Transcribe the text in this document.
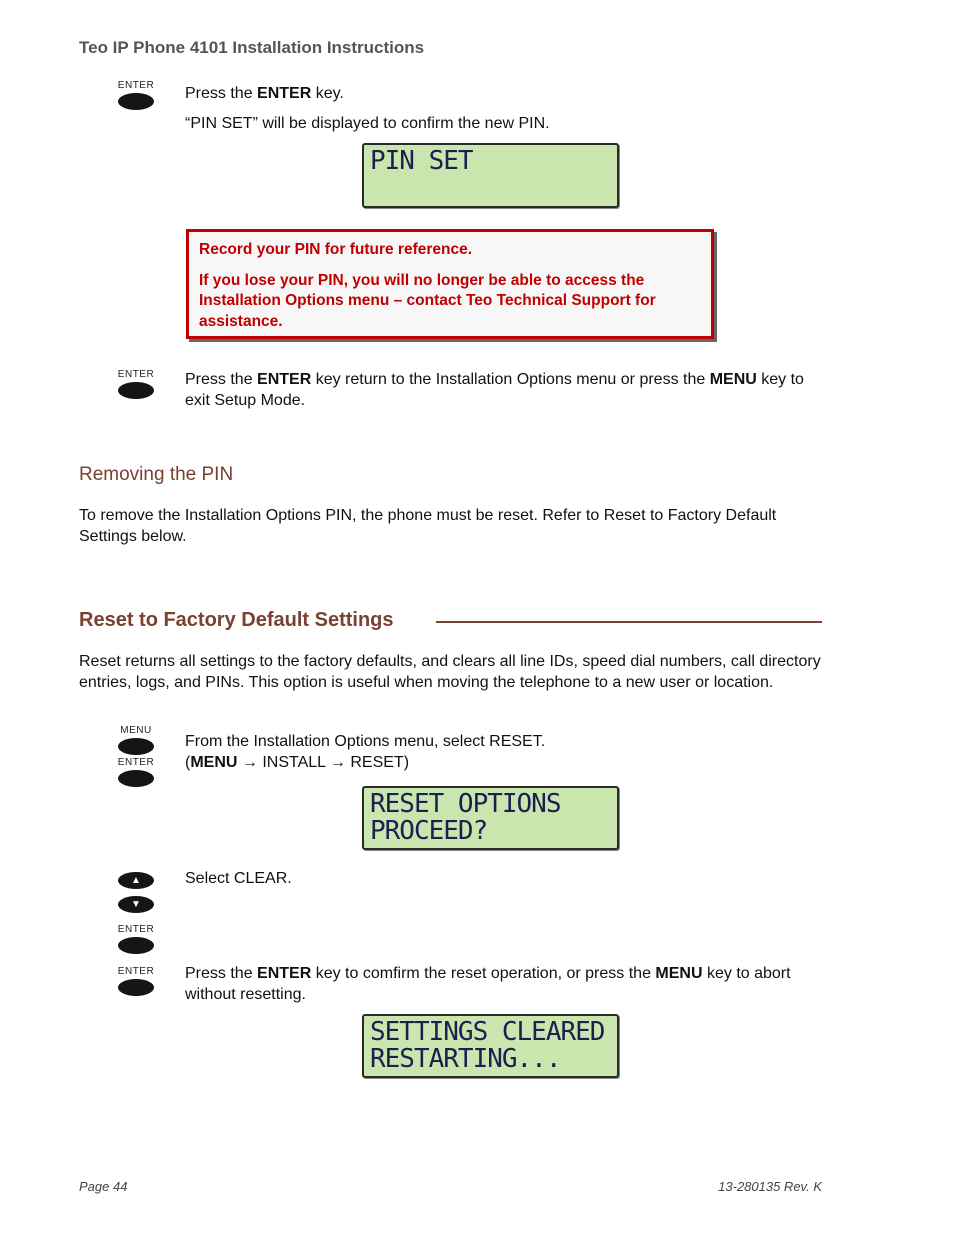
Teo IP Phone 4101 Installation Instructions
ENTER Press the ENTER key.
“PIN SET” will be displayed to confirm the new PIN.
PIN SET

Record your PIN for future reference.

If you lose your PIN, you will no longer be able to access the Installation Options menu – contact Teo Technical Support for assistance.

ENTER Press the ENTER key return to the Installation Options menu or press the MENU key to exit Setup Mode.
Removing the PIN
To remove the Installation Options PIN, the phone must be reset. Refer to Reset to Factory Default Settings below.
Reset to Factory Default Settings
Reset returns all settings to the factory defaults, and clears all line IDs, speed dial numbers, call directory entries, logs, and PINs. This option is useful when moving the telephone to a new user or location.
MENU
ENTER
From the Installation Options menu, select RESET.
(MENU → INSTALL → RESET)
RESET OPTIONS
PROCEED?
▲
▼
Select CLEAR.
ENTER
ENTER Press the ENTER key to comfirm the reset operation, or press the MENU key to abort without resetting.
SETTINGS CLEARED
RESTARTING...
Page 44	13-280135 Rev. K
